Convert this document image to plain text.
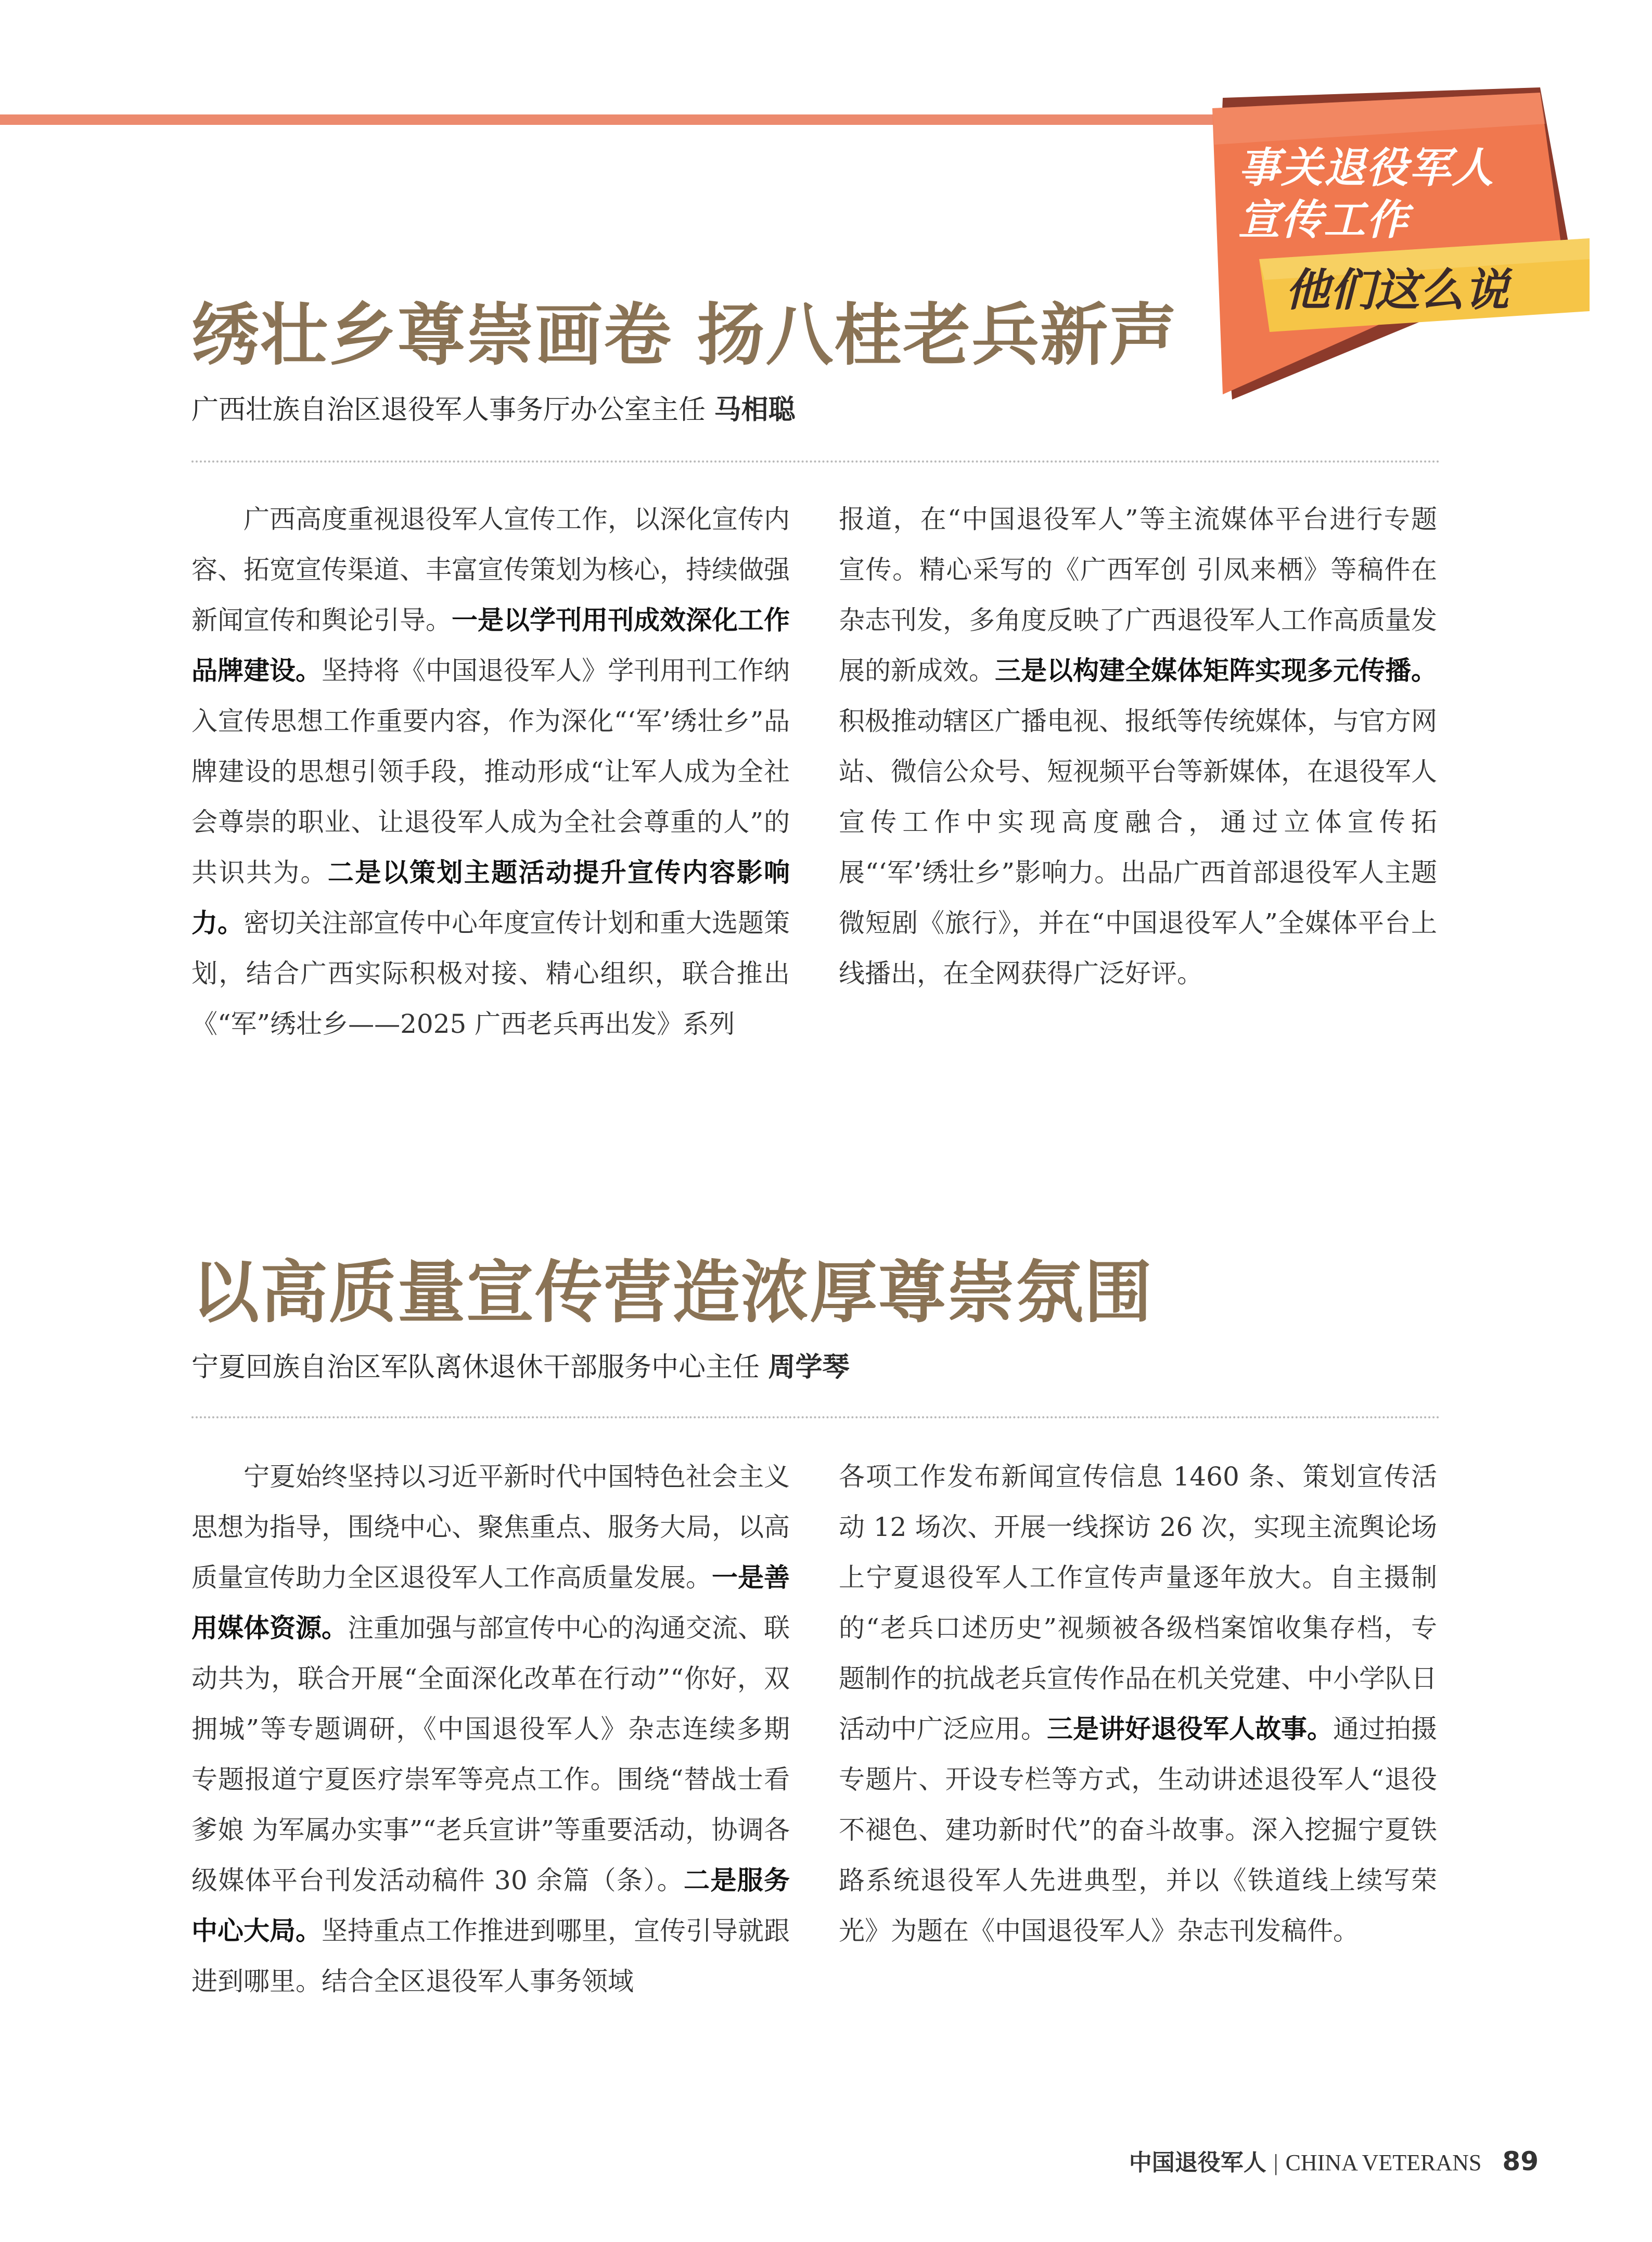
事关退役军人
宣传工作
他们这么说
绣壮乡尊崇画卷 扬八桂老兵新声
广西壮族自治区退役军人事务厅办公室主任 马相聪

广西高度重视退役军人宣传工作，以深化宣传内容、拓宽宣传渠道、丰富宣传策划为核心，持续做强新闻宣传和舆论引导。一是以学刊用刊成效深化工作品牌建设。坚持将《中国退役军人》学刊用刊工作纳入宣传思想工作重要内容，作为深化“‘军’绣壮乡”品牌建设的思想引领手段，推动形成“让军人成为全社会尊崇的职业、让退役军人成为全社会尊重的人”的共识共为。二是以策划主题活动提升宣传内容影响力。密切关注部宣传中心年度宣传计划和重大选题策划，结合广西实际积极对接、精心组织，联合推出《“军”绣壮乡——2025 广西老兵再出发》系列

报道，在“中国退役军人”等主流媒体平台进行专题宣传。精心采写的《广西军创 引凤来栖》等稿件在杂志刊发，多角度反映了广西退役军人工作高质量发展的新成效。三是以构建全媒体矩阵实现多元传播。积极推动辖区广播电视、报纸等传统媒体，与官方网站、微信公众号、短视频平台等新媒体，在退役军人宣传工作中实现高度融合，通过立体宣传拓展“‘军’绣壮乡”影响力。出品广西首部退役军人主题微短剧《旅行》，并在“中国退役军人”全媒体平台上线播出，在全网获得广泛好评。

以高质量宣传营造浓厚尊崇氛围
宁夏回族自治区军队离休退休干部服务中心主任 周学琴

宁夏始终坚持以习近平新时代中国特色社会主义思想为指导，围绕中心、聚焦重点、服务大局，以高质量宣传助力全区退役军人工作高质量发展。一是善用媒体资源。注重加强与部宣传中心的沟通交流、联动共为，联合开展“全面深化改革在行动”“你好，双拥城”等专题调研，《中国退役军人》杂志连续多期专题报道宁夏医疗崇军等亮点工作。围绕“替战士看爹娘 为军属办实事”“老兵宣讲”等重要活动，协调各级媒体平台刊发活动稿件 30 余篇（条）。二是服务中心大局。坚持重点工作推进到哪里，宣传引导就跟进到哪里。结合全区退役军人事务领域

各项工作发布新闻宣传信息 1460 条、策划宣传活动 12 场次、开展一线探访 26 次，实现主流舆论场上宁夏退役军人工作宣传声量逐年放大。自主摄制的“老兵口述历史”视频被各级档案馆收集存档，专题制作的抗战老兵宣传作品在机关党建、中小学队日活动中广泛应用。三是讲好退役军人故事。通过拍摄专题片、开设专栏等方式，生动讲述退役军人“退役不褪色、建功新时代”的奋斗故事。深入挖掘宁夏铁路系统退役军人先进典型，并以《铁道线上续写荣光》为题在《中国退役军人》杂志刊发稿件。

中国退役军人 | CHINA VETERANS 89
